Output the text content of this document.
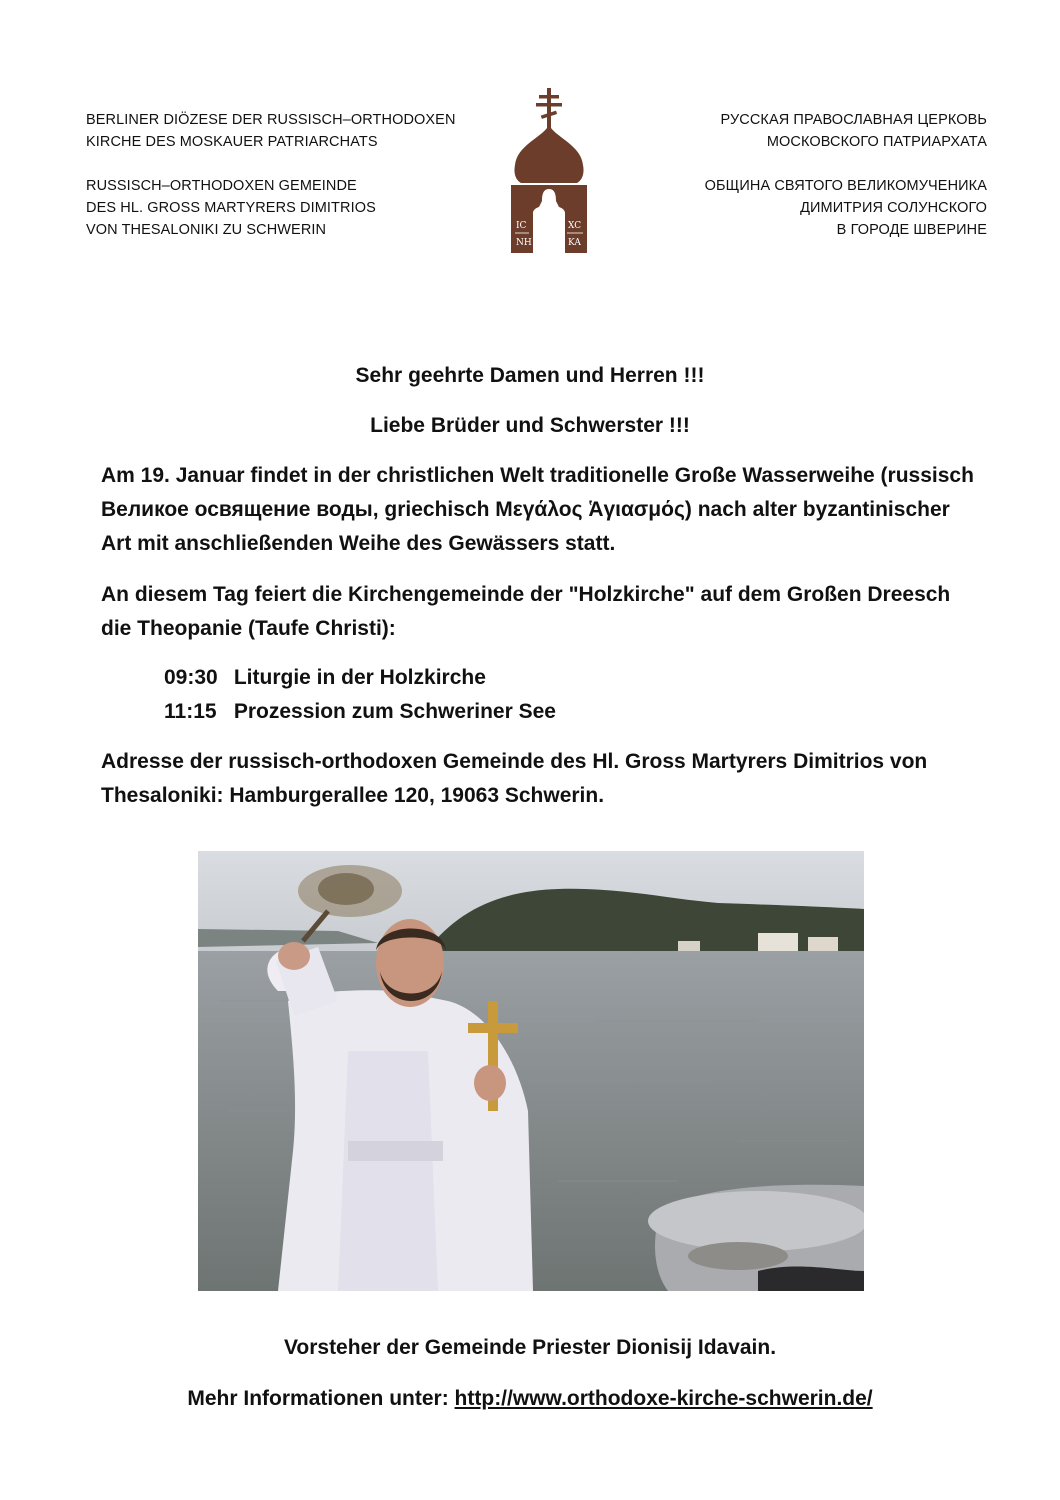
BERLINER DIÖZESE DER RUSSISCH–ORTHODOXEN

KIRCHE DES MOSKAUER PATRIARCHATS

RUSSISCH–ORTHODOXEN GEMEINDE

DES HL. GROSS MARTYRERS DIMITRIOS

VON THESALONIKI ZU SCHWERIN	IC
NH
XC
KA

РУССКАЯ ПРАВОСЛАВНАЯ ЦЕРКОВЬ

МОСКОВСКОГО ПАТРИАРХАТА

ОБЩИНА СВЯТОГО ВЕЛИКОМУЧЕНИКА

ДИМИТРИЯ СОЛУНСКОГО

В ГОРОДЕ ШВЕРИНЕ

Sehr geehrte Damen und Herren !!!
Liebe Brüder und Schwerster !!!

Am 19. Januar findet in der christlichen Welt traditionelle Große Wasserweihe (russisch Великое освящение воды, griechisch Μεγάλος Ἁγιασμός) nach alter byzantinischer Art mit anschließenden Weihe des Gewässers statt.

An diesem Tag feiert die Kirchengemeinde der "Holzkirche" auf dem Großen Dreesch die Theopanie (Taufe Christi):

09:30 Liturgie in der Holzkirche
11:15 Prozession zum Schweriner See

Adresse der russisch-orthodoxen Gemeinde des Hl. Gross Martyrers Dimitrios von Thesaloniki: Hamburgerallee 120, 19063 Schwerin.

Vorsteher der Gemeinde Priester Dionisij Idavain.
Mehr Informationen unter: http://www.orthodoxe-kirche-schwerin.de/
